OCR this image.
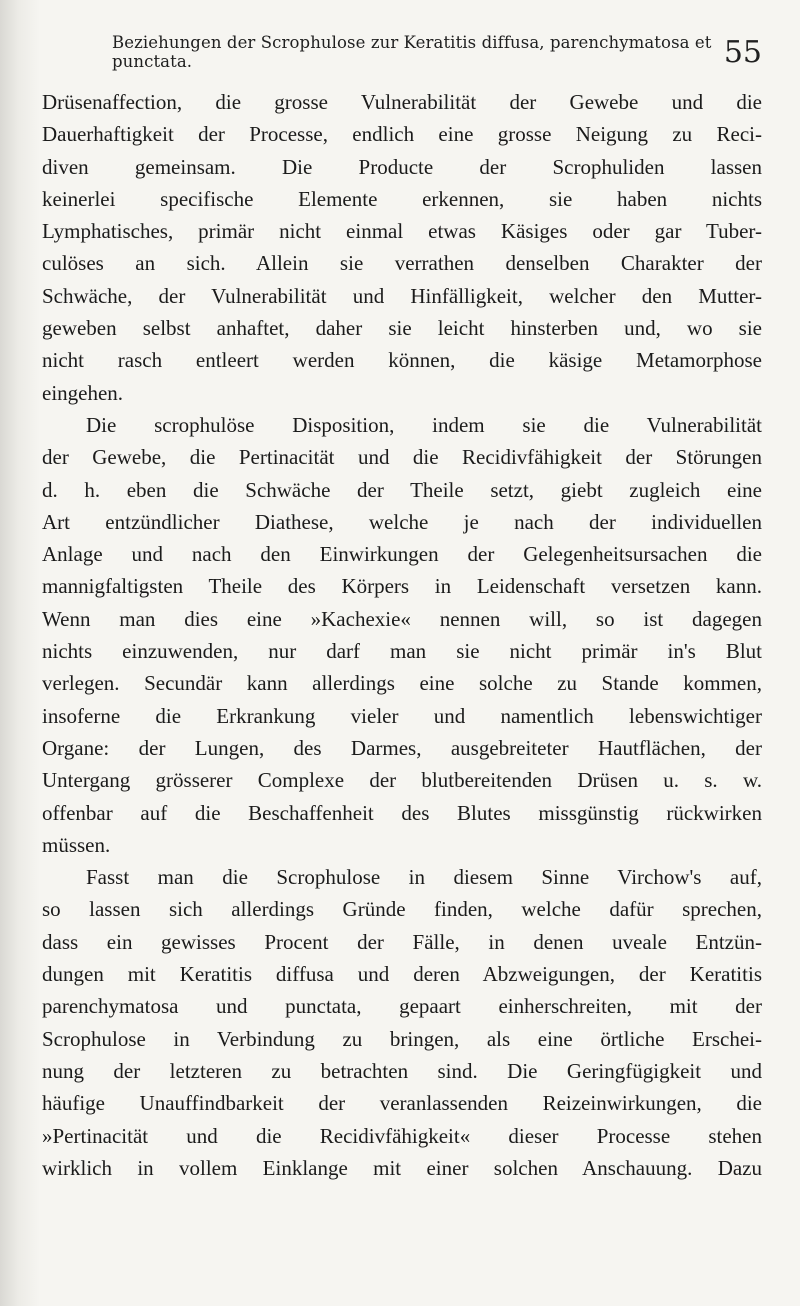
Beziehungen der Scrophulose zur Keratitis diffusa, parenchymatosa et punctata.	55

Drüsenaffection, die grosse Vulnerabilität der Gewebe und die
Dauerhaftigkeit der Processe, endlich eine grosse Neigung zu Reci-
diven gemeinsam. Die Producte der Scrophuliden lassen
keinerlei specifische Elemente erkennen, sie haben nichts
Lymphatisches, primär nicht einmal etwas Käsiges oder gar Tuber-
culöses an sich. Allein sie verrathen denselben Charakter der
Schwäche, der Vulnerabilität und Hinfälligkeit, welcher den Mutter-
geweben selbst anhaftet, daher sie leicht hinsterben und, wo sie
nicht rasch entleert werden können, die käsige Metamorphose
eingehen.

Die scrophulöse Disposition, indem sie die Vulnerabilität
der Gewebe, die Pertinacität und die Recidivfähigkeit der Störungen
d. h. eben die Schwäche der Theile setzt, giebt zugleich eine
Art entzündlicher Diathese, welche je nach der individuellen
Anlage und nach den Einwirkungen der Gelegenheitsursachen die
mannigfaltigsten Theile des Körpers in Leidenschaft versetzen kann.
Wenn man dies eine »Kachexie« nennen will, so ist dagegen
nichts einzuwenden, nur darf man sie nicht primär in's Blut
verlegen. Secundär kann allerdings eine solche zu Stande kommen,
insoferne die Erkrankung vieler und namentlich lebenswichtiger
Organe: der Lungen, des Darmes, ausgebreiteter Hautflächen, der
Untergang grösserer Complexe der blutbereitenden Drüsen u. s. w.
offenbar auf die Beschaffenheit des Blutes missgünstig rückwirken
müssen.

Fasst man die Scrophulose in diesem Sinne Virchow's auf,
so lassen sich allerdings Gründe finden, welche dafür sprechen,
dass ein gewisses Procent der Fälle, in denen uveale Entzün-
dungen mit Keratitis diffusa und deren Abzweigungen, der Keratitis
parenchymatosa und punctata, gepaart einherschreiten, mit der
Scrophulose in Verbindung zu bringen, als eine örtliche Erschei-
nung der letzteren zu betrachten sind. Die Geringfügigkeit und
häufige Unauffindbarkeit der veranlassenden Reizeinwirkungen, die
»Pertinacität und die Recidivfähigkeit« dieser Processe stehen
wirklich in vollem Einklange mit einer solchen Anschauung. Dazu
